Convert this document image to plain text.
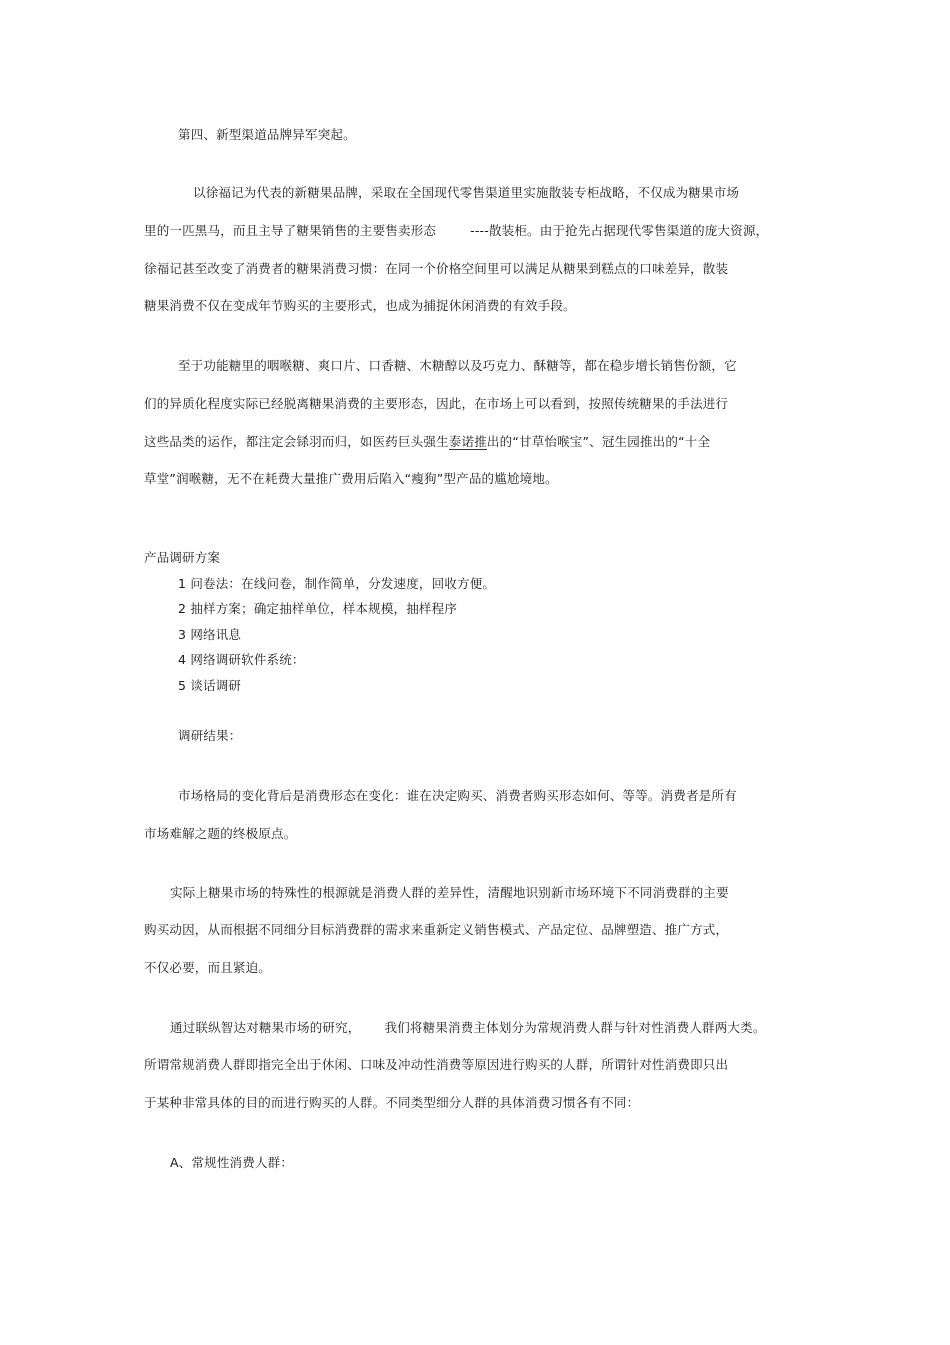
第四、新型渠道品牌异军突起。
以徐福记为代表的新糖果品牌，采取在全国现代零售渠道里实施散装专柜战略，不仅成为糖果市场
里的一匹黑马，而且主导了糖果销售的主要售卖形态	----散装柜。由于抢先占据现代零售渠道的庞大资源，
徐福记甚至改变了消费者的糖果消费习惯：在同一个价格空间里可以满足从糖果到糕点的口味差异，散装
糖果消费不仅在变成年节购买的主要形式，也成为捕捉休闲消费的有效手段。
至于功能糖里的咽喉糖、爽口片、口香糖、木糖醇以及巧克力、酥糖等，都在稳步增长销售份额，它
们的异质化程度实际已经脱离糖果消费的主要形态，因此，在市场上可以看到，按照传统糖果的手法进行
这些品类的运作，都注定会铩羽而归，如医药巨头强生泰诺推出的“甘草怡喉宝”、冠生园推出的“十全
草堂”润喉糖，无不在耗费大量推广费用后陷入“瘦狗”型产品的尴尬境地。
产品调研方案
1 问卷法：在线问卷，制作简单，分发速度，回收方便。
2 抽样方案；确定抽样单位，样本规模，抽样程序
3 网络讯息
4 网络调研软件系统：
5 谈话调研
调研结果：
市场格局的变化背后是消费形态在变化：谁在决定购买、消费者购买形态如何、等等。消费者是所有
市场难解之题的终极原点。
实际上糖果市场的特殊性的根源就是消费人群的差异性，清醒地识别新市场环境下不同消费群的主要
购买动因，从而根据不同细分目标消费群的需求来重新定义销售模式、产品定位、品牌塑造、推广方式，
不仅必要，而且紧迫。
通过联纵智达对糖果市场的研究， 我们将糖果消费主体划分为常规消费人群与针对性消费人群两大类。
所谓常规消费人群即指完全出于休闲、口味及冲动性消费等原因进行购买的人群，所谓针对性消费即只出
于某种非常具体的目的而进行购买的人群。不同类型细分人群的具体消费习惯各有不同：
A、常规性消费人群：
